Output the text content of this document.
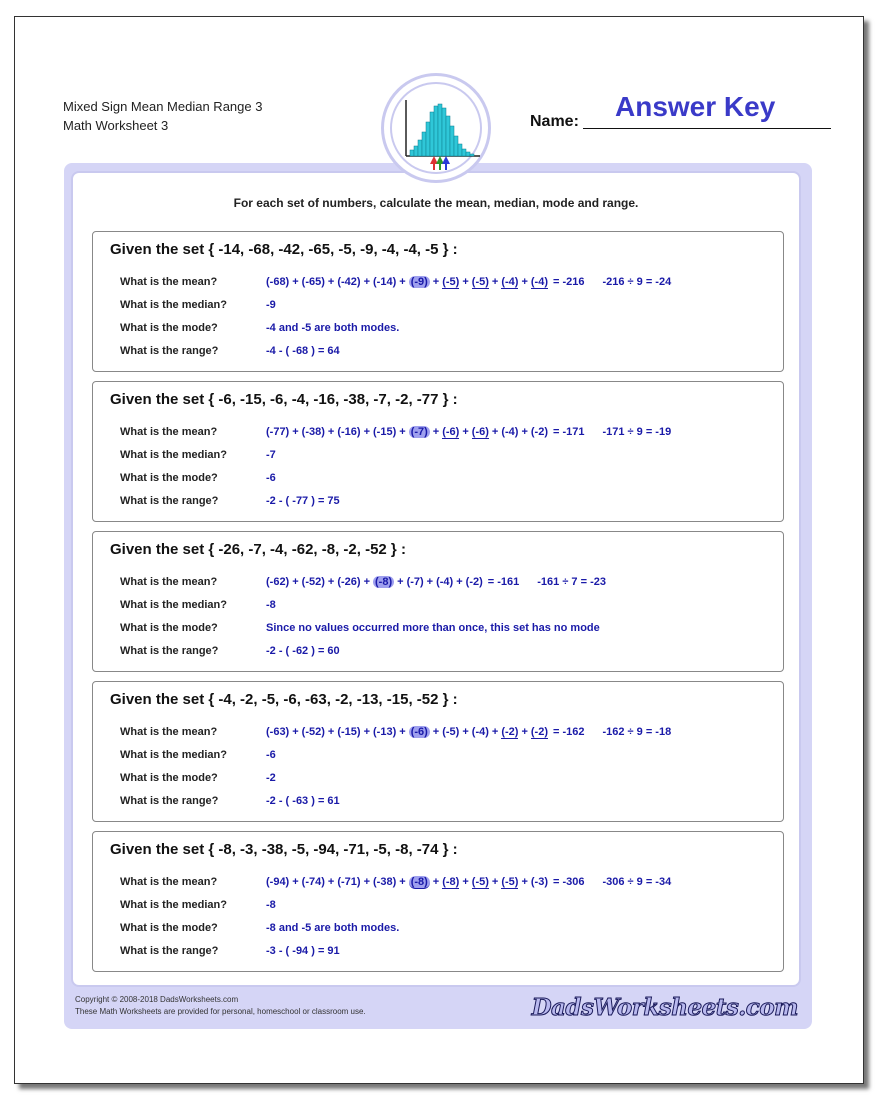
Mixed Sign Mean Median Range 3
Math Worksheet 3	Name: Answer Key
For each set of numbers, calculate the mean, median, mode and range.
Given the set { -14, -68, -42, -65, -5, -9, -4, -4, -5 } :
What is the mean?	(-68) + (-65) + (-42) + (-14) + (-9) + (-5) + (-5) + (-4) + (-4) = -216 -216 ÷ 9 = -24
What is the median?	-9
What is the mode?	-4 and -5 are both modes.
What is the range?	-4 - ( -68 ) = 64
Given the set { -6, -15, -6, -4, -16, -38, -7, -2, -77 } :
What is the mean?	(-77) + (-38) + (-16) + (-15) + (-7) + (-6) + (-6) + (-4) + (-2) = -171 -171 ÷ 9 = -19
What is the median?	-7
What is the mode?	-6
What is the range?	-2 - ( -77 ) = 75
Given the set { -26, -7, -4, -62, -8, -2, -52 } :
What is the mean?	(-62) + (-52) + (-26) + (-8) + (-7) + (-4) + (-2) = -161 -161 ÷ 7 = -23
What is the median?	-8
What is the mode?	Since no values occurred more than once, this set has no mode
What is the range?	-2 - ( -62 ) = 60
Given the set { -4, -2, -5, -6, -63, -2, -13, -15, -52 } :
What is the mean?	(-63) + (-52) + (-15) + (-13) + (-6) + (-5) + (-4) + (-2) + (-2) = -162 -162 ÷ 9 = -18
What is the median?	-6
What is the mode?	-2
What is the range?	-2 - ( -63 ) = 61
Given the set { -8, -3, -38, -5, -94, -71, -5, -8, -74 } :
What is the mean?	(-94) + (-74) + (-71) + (-38) + (-8) + (-8) + (-5) + (-5) + (-3) = -306 -306 ÷ 9 = -34
What is the median?	-8
What is the mode?	-8 and -5 are both modes.
What is the range?	-3 - ( -94 ) = 91
Copyright © 2008-2018 DadsWorksheets.com
These Math Worksheets are provided for personal, homeschool or classroom use.	DadsWorksheets.com
